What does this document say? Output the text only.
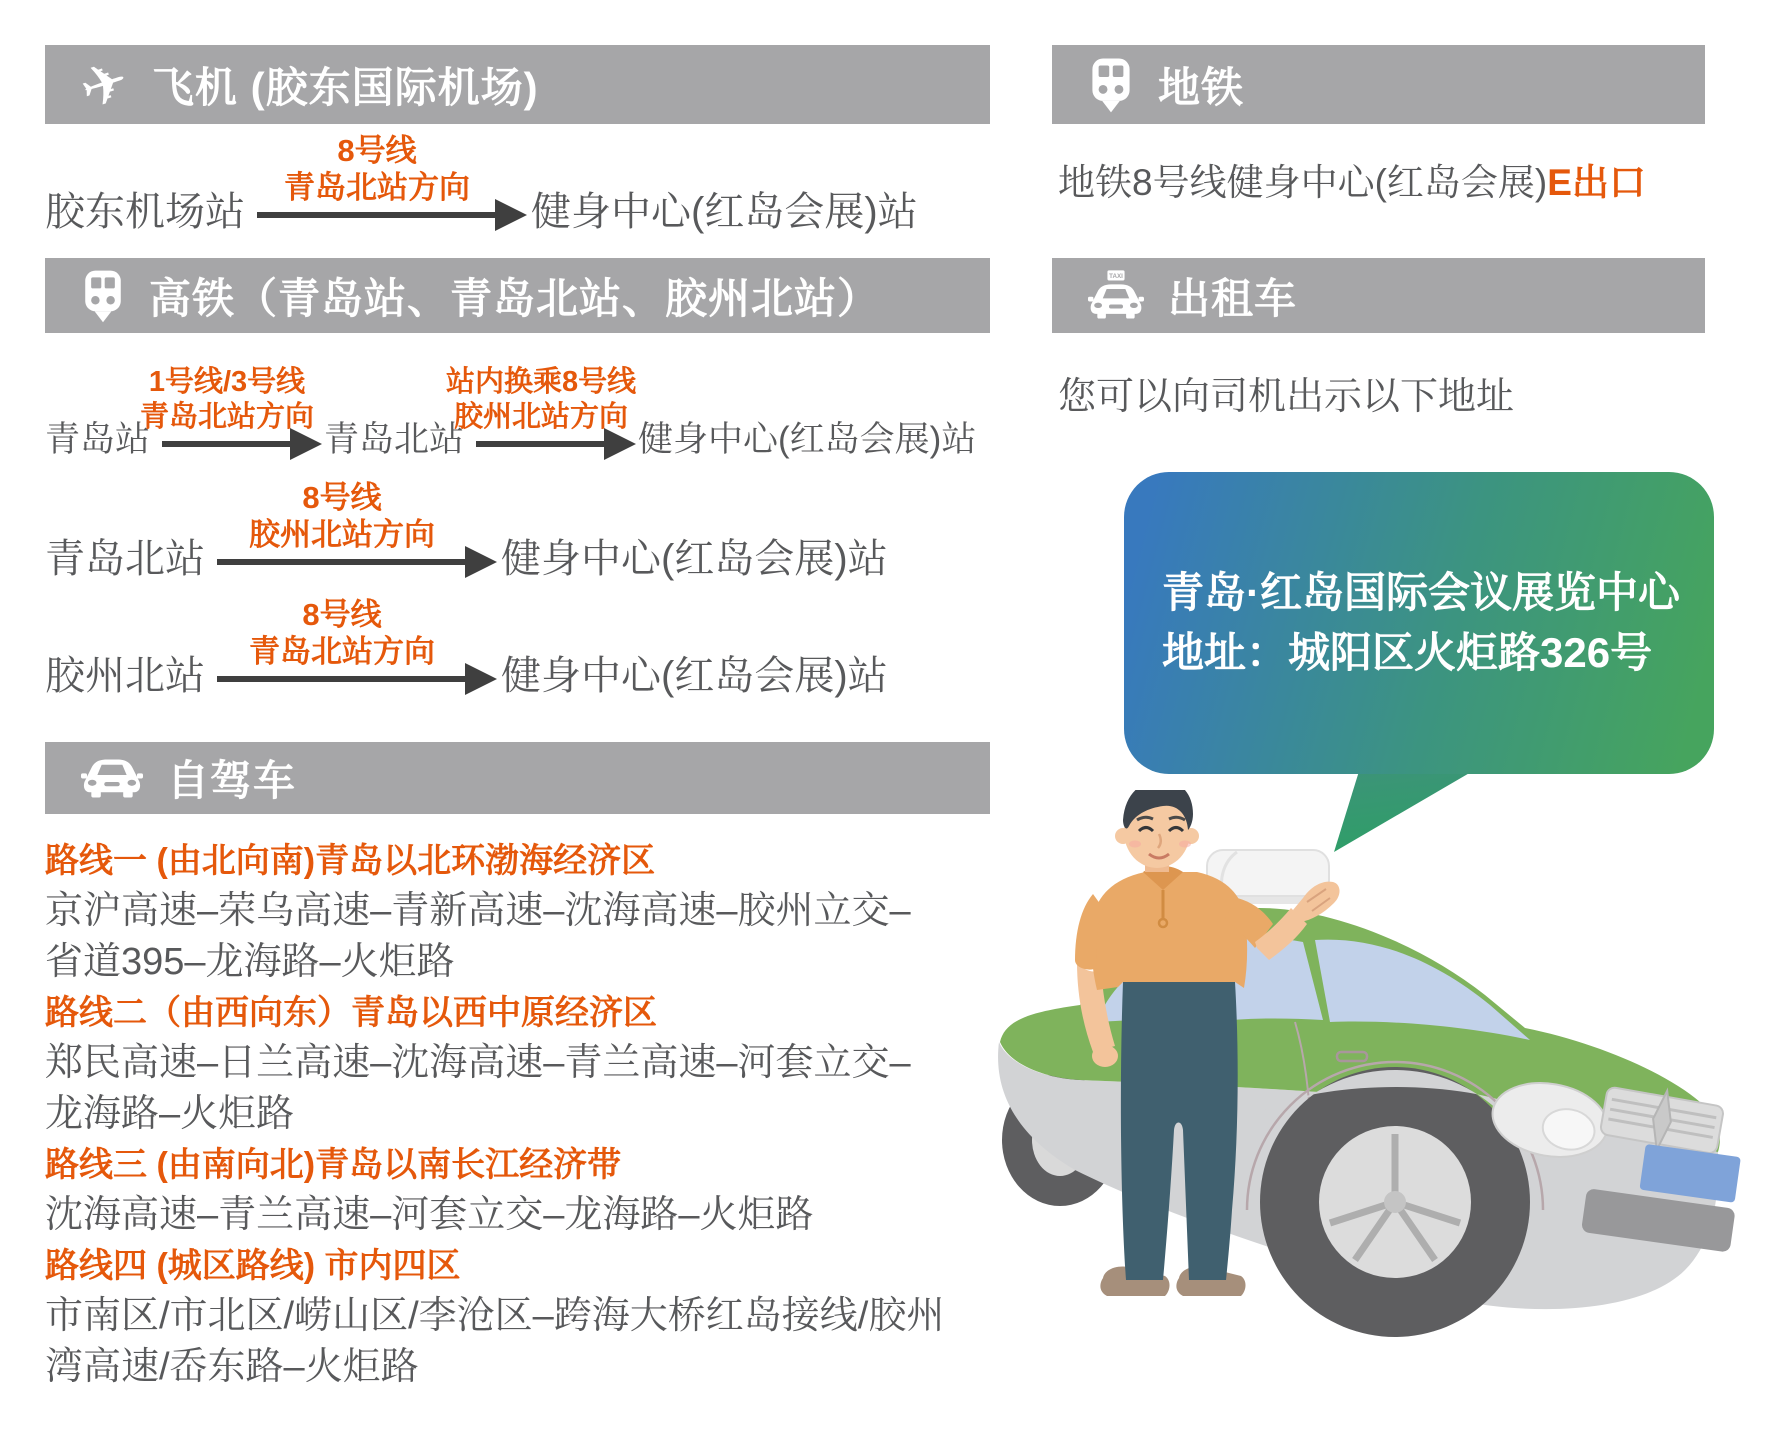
✈ 飞机 (胶东国际机场)
胶东机场站
8号线
青岛北站方向
健身中心(红岛会展)站
高铁（青岛站、青岛北站、胶州北站）
青岛站
1号线/3号线
青岛北站方向
青岛北站
站内换乘8号线
胶州北站方向
健身中心(红岛会展)站
青岛北站
8号线
胶州北站方向
健身中心(红岛会展)站
胶州北站
8号线
青岛北站方向
健身中心(红岛会展)站
自驾车
路线一 (由北向南)青岛以北环渤海经济区
京沪高速–荣乌高速–青新高速–沈海高速–胶州立交–
省道395–龙海路–火炬路
路线二（由西向东）青岛以西中原经济区
郑民高速–日兰高速–沈海高速–青兰高速–河套立交–
龙海路–火炬路
路线三 (由南向北)青岛以南长江经济带
沈海高速–青兰高速–河套立交–龙海路–火炬路
路线四 (城区路线) 市内四区
市南区/市北区/崂山区/李沧区–跨海大桥红岛接线/胶州
湾高速/岙东路–火炬路
地铁
地铁8号线健身中心(红岛会展)E出口
TAXI 出租车
您可以向司机出示以下地址
青岛·红岛国际会议展览中心
地址：城阳区火炬路326号
